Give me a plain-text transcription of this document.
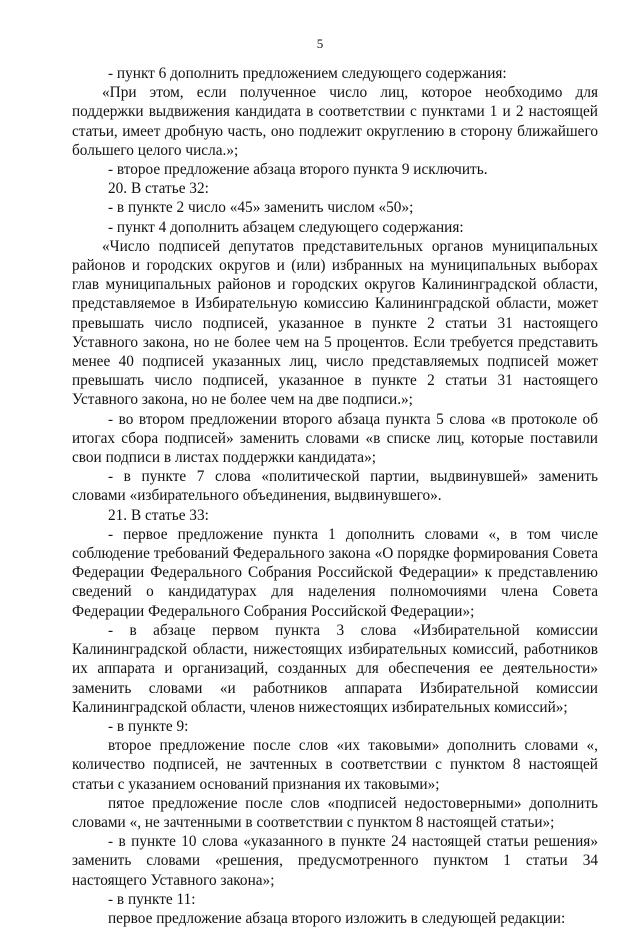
5

- пункт 6 дополнить предложением следующего содержания:

«При этом, если полученное число лиц, которое необходимо для поддержки выдвижения кандидата в соответствии с пунктами 1 и 2 настоящей статьи, имеет дробную часть, оно подлежит округлению в сторону ближайшего большего целого числа.»;

- второе предложение абзаца второго пункта 9 исключить.

20. В статье 32:

- в пункте 2 число «45» заменить числом «50»;

- пункт 4 дополнить абзацем следующего содержания:

«Число подписей депутатов представительных органов муниципальных районов и городских округов и (или) избранных на муниципальных выборах глав муниципальных районов и городских округов Калининградской области, представляемое в Избирательную комиссию Калининградской области, может превышать число подписей, указанное в пункте 2 статьи 31 настоящего Уставного закона, но не более чем на 5 процентов. Если требуется представить менее 40 подписей указанных лиц, число представляемых подписей может превышать число подписей, указанное в пункте 2 статьи 31 настоящего Уставного закона, но не более чем на две подписи.»;

- во втором предложении второго абзаца пункта 5 слова «в протоколе об итогах сбора подписей» заменить словами «в списке лиц, которые поставили свои подписи в листах поддержки кандидата»;

- в пункте 7 слова «политической партии, выдвинувшей» заменить словами «избирательного объединения, выдвинувшего».

21. В статье 33:

- первое предложение пункта 1 дополнить словами «, в том числе соблюдение требований Федерального закона «О порядке формирования Совета Федерации Федерального Собрания Российской Федерации» к представлению сведений о кандидатурах для наделения полномочиями члена Совета Федерации Федерального Собрания Российской Федерации»;

- в абзаце первом пункта 3 слова «Избирательной комиссии Калининградской области, нижестоящих избирательных комиссий, работников их аппарата и организаций, созданных для обеспечения ее деятельности» заменить словами «и работников аппарата Избирательной комиссии Калининградской области, членов нижестоящих избирательных комиссий»;

- в пункте 9:

второе предложение после слов «их таковыми» дополнить словами «, количество подписей, не зачтенных в соответствии с пунктом 8 настоящей статьи с указанием оснований признания их таковыми»;

пятое предложение после слов «подписей недостоверными» дополнить словами «, не зачтенными в соответствии с пунктом 8 настоящей статьи»;

- в пункте 10 слова «указанного в пункте 24 настоящей статьи решения» заменить словами «решения, предусмотренного пунктом 1 статьи 34 настоящего Уставного закона»;

- в пункте 11:

первое предложение абзаца второго изложить в следующей редакции:
